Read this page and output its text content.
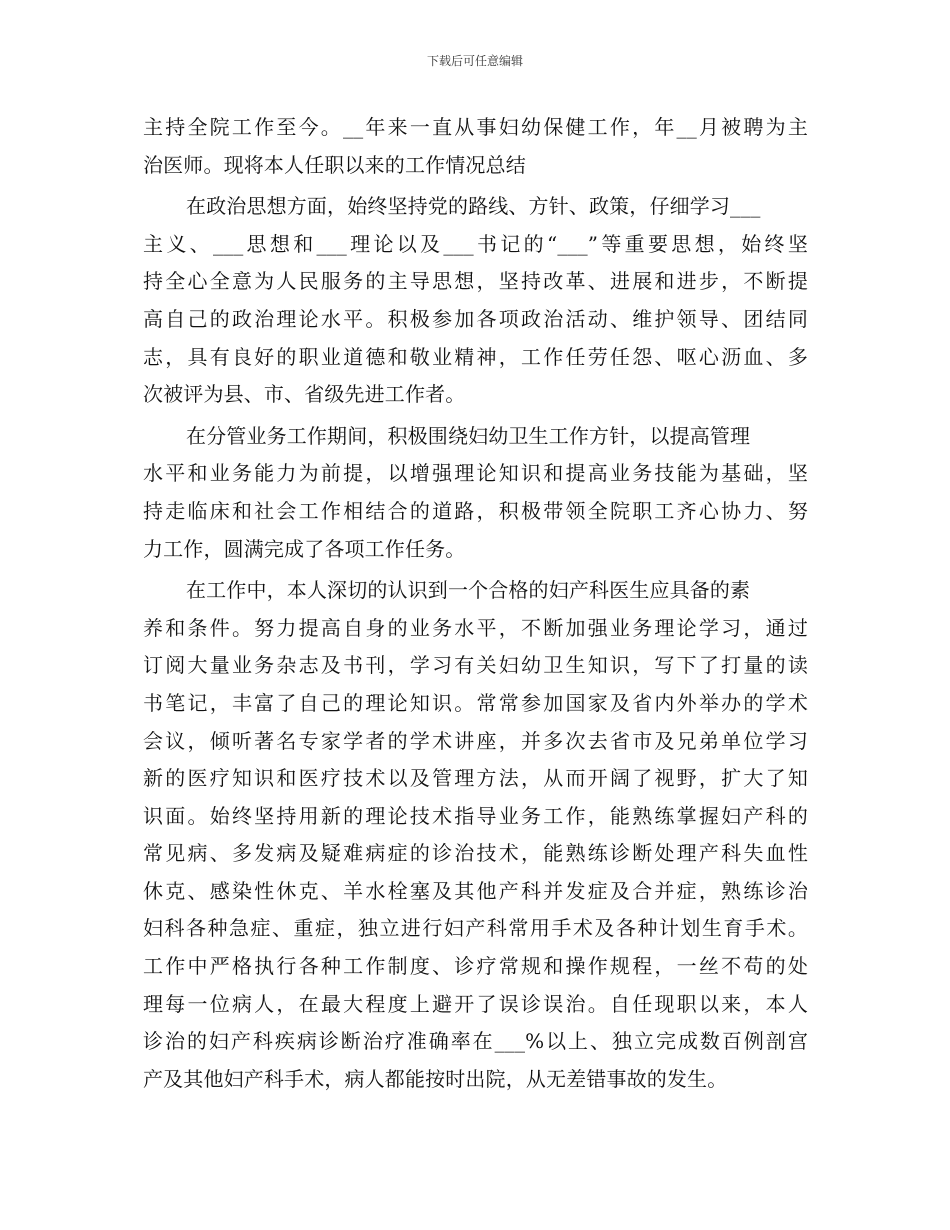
下载后可任意编辑
主持全院工作至今。__年来一直从事妇幼保健工作，年__月被聘为主
治医师。现将本人任职以来的工作情况总结
在政治思想方面，始终坚持党的路线、方针、政策，仔细学习___
主义、___思想和___理论以及___书记的“___”等重要思想，始终坚
持全心全意为人民服务的主导思想，坚持改革、进展和进步，不断提
高自己的政治理论水平。积极参加各项政治活动、维护领导、团结同
志，具有良好的职业道德和敬业精神，工作任劳任怨、呕心沥血、多
次被评为县、市、省级先进工作者。
在分管业务工作期间，积极围绕妇幼卫生工作方针，以提高管理
水平和业务能力为前提，以增强理论知识和提高业务技能为基础，坚
持走临床和社会工作相结合的道路，积极带领全院职工齐心协力、努
力工作，圆满完成了各项工作任务。
在工作中，本人深切的认识到一个合格的妇产科医生应具备的素
养和条件。努力提高自身的业务水平，不断加强业务理论学习，通过
订阅大量业务杂志及书刊，学习有关妇幼卫生知识，写下了打量的读
书笔记，丰富了自己的理论知识。常常参加国家及省内外举办的学术
会议，倾听著名专家学者的学术讲座，并多次去省市及兄弟单位学习
新的医疗知识和医疗技术以及管理方法，从而开阔了视野，扩大了知
识面。始终坚持用新的理论技术指导业务工作，能熟练掌握妇产科的
常见病、多发病及疑难病症的诊治技术，能熟练诊断处理产科失血性
休克、感染性休克、羊水栓塞及其他产科并发症及合并症，熟练诊治
妇科各种急症、重症，独立进行妇产科常用手术及各种计划生育手术。
工作中严格执行各种工作制度、诊疗常规和操作规程，一丝不苟的处
理每一位病人，在最大程度上避开了误诊误治。自任现职以来，本人
诊治的妇产科疾病诊断治疗准确率在___%以上、独立完成数百例剖宫
产及其他妇产科手术，病人都能按时出院，从无差错事故的发生。
